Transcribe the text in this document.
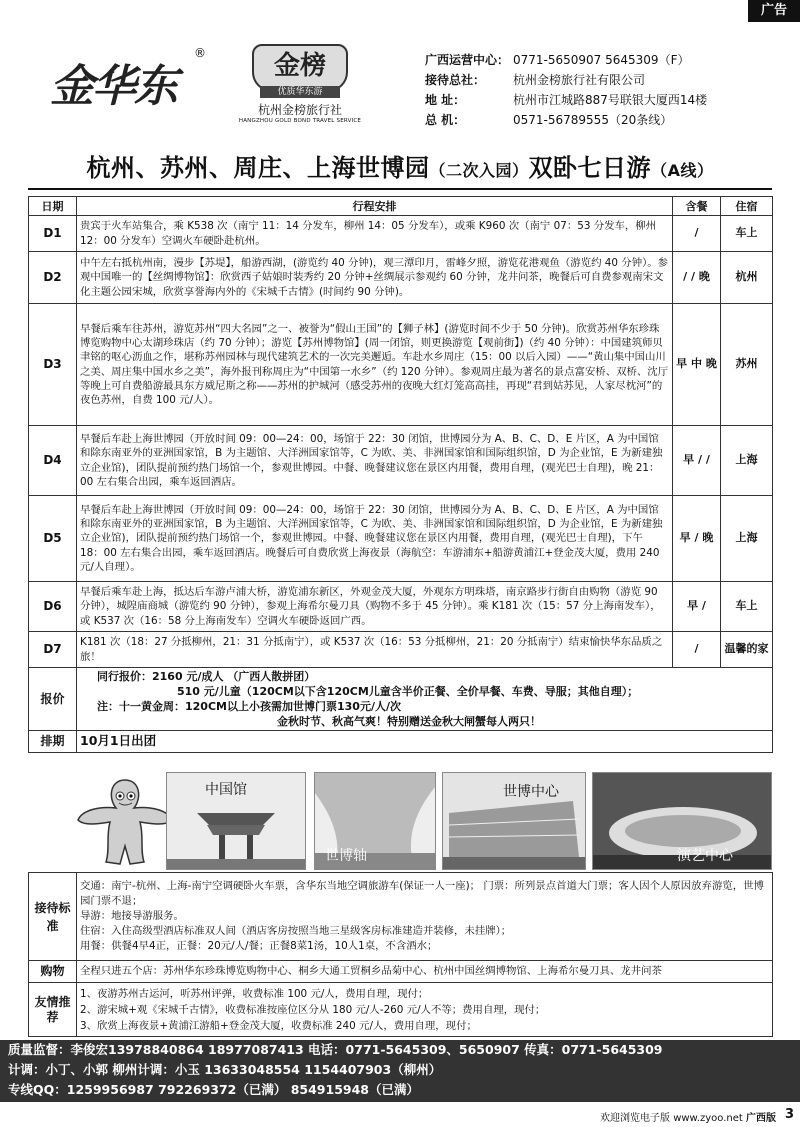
广告
金华东
®	金榜
优质华东游
杭州金榜旅行社
HANGZHOU GOLD BOND TRAVEL SERVICE
广西运营中心： 0771-5650907 5645309（F）
接待总社： 杭州金榜旅行社有限公司
地 址：	杭州市江城路887号联银大厦西14楼
总 机：	0571-56789555（20条线）
杭州、苏州、周庄、上海世博园（二次入园）双卧七日游（A线）
日期	行程安排	含餐	住宿
D1	贵宾于火车站集合，乘 K538 次（南宁 11：14 分发车，柳州 14：05 分发车），或乘 K960 次（南宁 07：53 分发车，柳州 12：00 分发车）空调火车硬卧赴杭州。	/	车上
D2	中午左右抵杭州南，漫步【苏堤】，船游西湖，(游览约 40 分钟)，观三潭印月，雷峰夕照，游览花港观鱼（游览约 40 分钟）。参观中国唯一的【丝绸博物馆】：欣赏西子姑娘时装秀约 20 分钟+丝绸展示参观约 60 分钟，龙井问茶，晚餐后可自费参观南宋文化主题公园宋城，欣赏享誉海内外的《宋城千古情》(时间约 90 分钟)。	/ / 晚	杭州
D3	早餐后乘车往苏州，游览苏州“四大名园”之一、被誉为“假山王国”的【狮子林】(游览时间不少于 50 分钟)。欣赏苏州华东珍珠博览购物中心太湖珍珠店（约 70 分钟）；游览【苏州博物馆】(周一闭馆，则更换游览【观前街】)（约 40 分钟）：中国建筑师贝聿铭的呕心沥血之作，堪称苏州园林与现代建筑艺术的一次完美邂逅。车赴水乡周庄（15：00 以后入园）——“黄山集中国山川之美、周庄集中国水乡之美”，海外报刊称周庄为“中国第一水乡”（约 120 分钟）。参观周庄最为著名的景点富安桥、双桥、沈厅等晚上可自费船游最具东方威尼斯之称——苏州的护城河（感受苏州的夜晚大红灯笼高高挂，再现“君到姑苏见，人家尽枕河”的夜色苏州，自费 100 元/人）。	早 中 晚	苏州
D4	早餐后车赴上海世博园（开放时间 09：00—24：00，场馆于 22：30 闭馆，世博园分为 A、B、C、D、E 片区，A 为中国馆和除东南亚外的亚洲国家馆，B 为主题馆、大洋洲国家馆等，C 为欧、美、非洲国家馆和国际组织馆，D 为企业馆，E 为新建独立企业馆)，团队提前预约热门场馆一个，参观世博园。中餐、晚餐建议您在景区内用餐，费用自理，(观光巴士自理)，晚 21：00 左右集合出园，乘车返回酒店。	早 / /	上海
D5	早餐后车赴上海世博园（开放时间 09：00—24：00，场馆于 22：30 闭馆，世博园分为 A、B、C、D、E 片区，A 为中国馆和除东南亚外的亚洲国家馆，B 为主题馆、大洋洲国家馆等，C 为欧、美、非洲国家馆和国际组织馆，D 为企业馆，E 为新建独立企业馆)，团队提前预约热门场馆一个，参观世博园。中餐、晚餐建议您在景区内用餐，费用自理，(观光巴士自理)，下午 18：00 左右集合出园，乘车返回酒店。晚餐后可自费欣赏上海夜景（海航空：车游浦东+船游黄浦江+登金茂大厦，费用 240 元/人自理）。	早 / 晚	上海
D6	早餐后乘车赴上海，抵达后车游卢浦大桥，游览浦东新区，外观金茂大厦，外观东方明珠塔，南京路步行街自由购物（游览 90 分钟），城隍庙商城（游览约 90 分钟），参观上海希尔曼刀具（购物不多于 45 分钟）。乘 K181 次（15：57 分上海南发车），或 K537 次（16：58 分上海南发车）空调火车硬卧返回广西。	早 /	车上
D7	K181 次（18：27 分抵柳州，21：31 分抵南宁），或 K537 次（16：53 分抵柳州，21：20 分抵南宁）结束愉快华东品质之旅！	/	温馨的家
报价	同行报价：2160 元/成人 （广西人散拼团）
510 元/儿童（120CM以下含120CM儿童含半价正餐、全价早餐、车费、导服；其他自理）；
注：十一黄金周：120CM以上小孩需加世博门票130元/人/次
金秋时节、秋高气爽！特别赠送金秋大闸蟹每人两只！		

排期	10月1日出团		
中国馆
世博轴
世博中心
演艺中心
接待标准	交通：南宁-杭州、上海-南宁空调硬卧火车票，含华东当地空调旅游车(保证一人一座)； 门票：所列景点首道大门票；客人因个人原因放弃游览，世博园门票不退；
导游：地接导游服务。
住宿：入住高级型酒店标准双人间（酒店客房按照当地三星级客房标准建造并装修，未挂牌）；
用餐：供餐4早4正，正餐：20元/人/餐；正餐8菜1汤，10人1桌，不含酒水；

购物	全程只进五个店：苏州华东珍珠博览购物中心、桐乡大通工贸桐乡品菊中心、杭州中国丝绸博物馆、上海希尔曼刀具、龙井问茶
友情推荐	1、夜游苏州古运河，听苏州评弹，收费标准 100 元/人，费用自理，现付；
2、游宋城+观《宋城千古情》，收费标准按座位区分从 180 元/人-260 元/人不等；费用自理，现付；
3、欣赏上海夜景+黄浦江游船+登金茂大厦，收费标准 240 元/人，费用自理，现付；
质量监督：李俊宏13978840864 18977087413 电话：0771-5645309、5650907 传真：0771-5645309
计调：小丁、小郭 柳州计调：小玉 13633048554 1154407903（柳州）
专线QQ：1259956987 792269372（已满） 854915948（已满）
欢迎浏览电子版 www.zyoo.net 广西版 3
